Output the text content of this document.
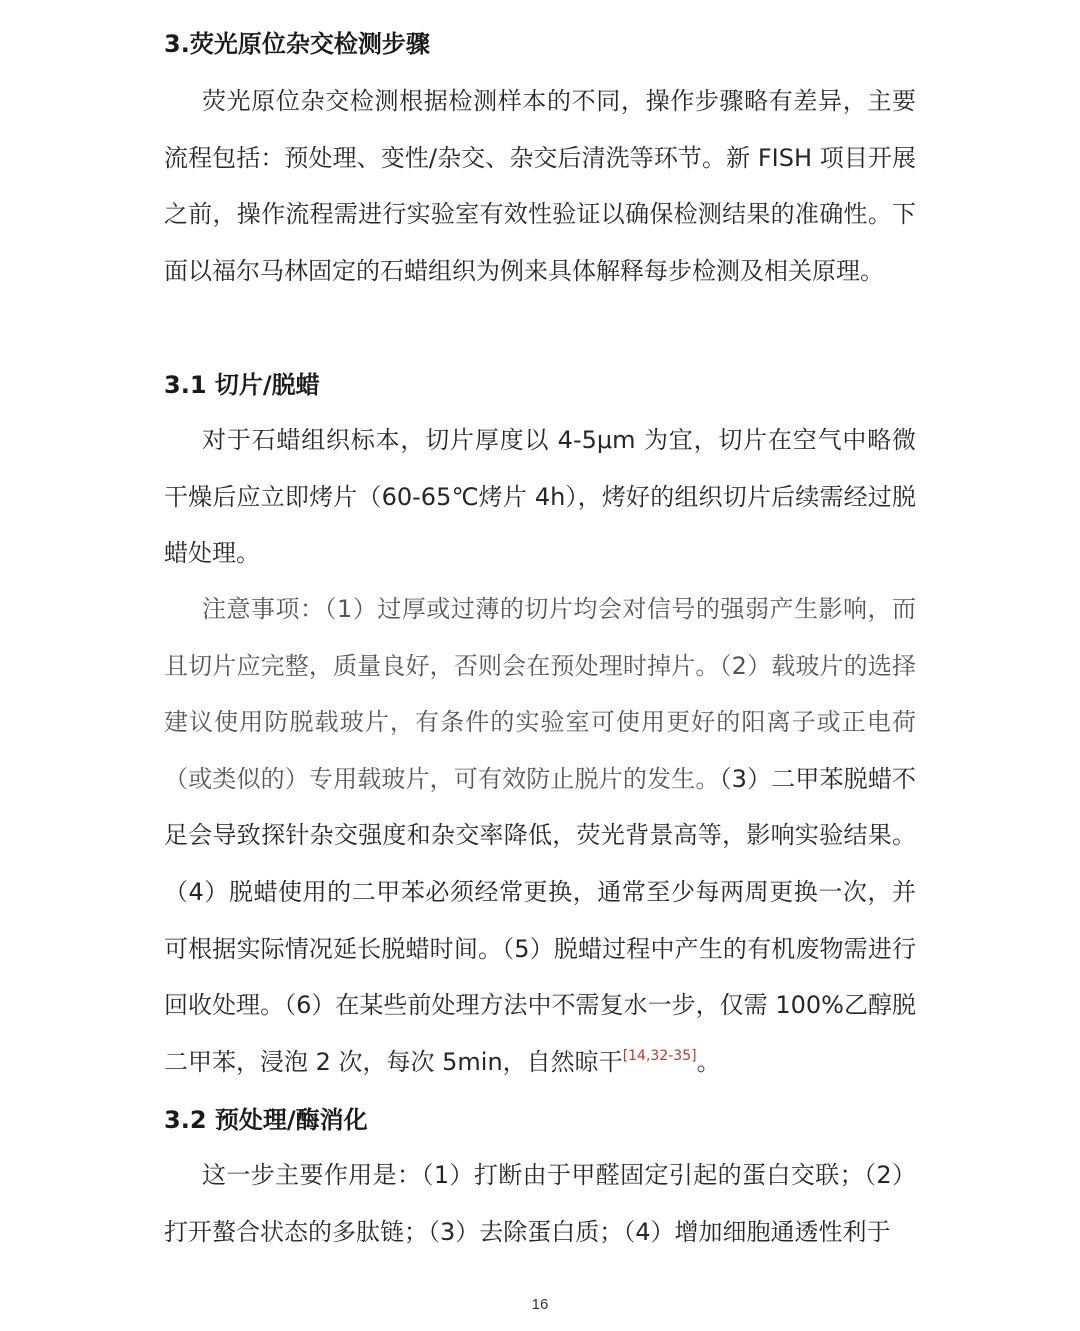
3.荧光原位杂交检测步骤

荧光原位杂交检测根据检测样本的不同，操作步骤略有差异，主要流程包括：预处理、变性/杂交、杂交后清洗等环节。新 FISH 项目开展之前，操作流程需进行实验室有效性验证以确保检测结果的准确性。下面以福尔马林固定的石蜡组织为例来具体解释每步检测及相关原理。

3.1 切片/脱蜡

对于石蜡组织标本，切片厚度以 4-5μm 为宜，切片在空气中略微干燥后应立即烤片（60-65℃烤片 4h），烤好的组织切片后续需经过脱蜡处理。

注意事项：（1）过厚或过薄的切片均会对信号的强弱产生影响，而且切片应完整，质量良好，否则会在预处理时掉片。（2）载玻片的选择建议使用防脱载玻片，有条件的实验室可使用更好的阳离子或正电荷（或类似的）专用载玻片，可有效防止脱片的发生。（3）二甲苯脱蜡不足会导致探针杂交强度和杂交率降低，荧光背景高等，影响实验结果。（4）脱蜡使用的二甲苯必须经常更换，通常至少每两周更换一次，并可根据实际情况延长脱蜡时间。（5）脱蜡过程中产生的有机废物需进行回收处理。（6）在某些前处理方法中不需复水一步，仅需 100%乙醇脱二甲苯，浸泡 2 次，每次 5min，自然晾干[14,32-35]。

3.2 预处理/酶消化

这一步主要作用是：（1）打断由于甲醛固定引起的蛋白交联；（2）打开螯合状态的多肽链；（3）去除蛋白质；（4）增加细胞通透性利于

16
